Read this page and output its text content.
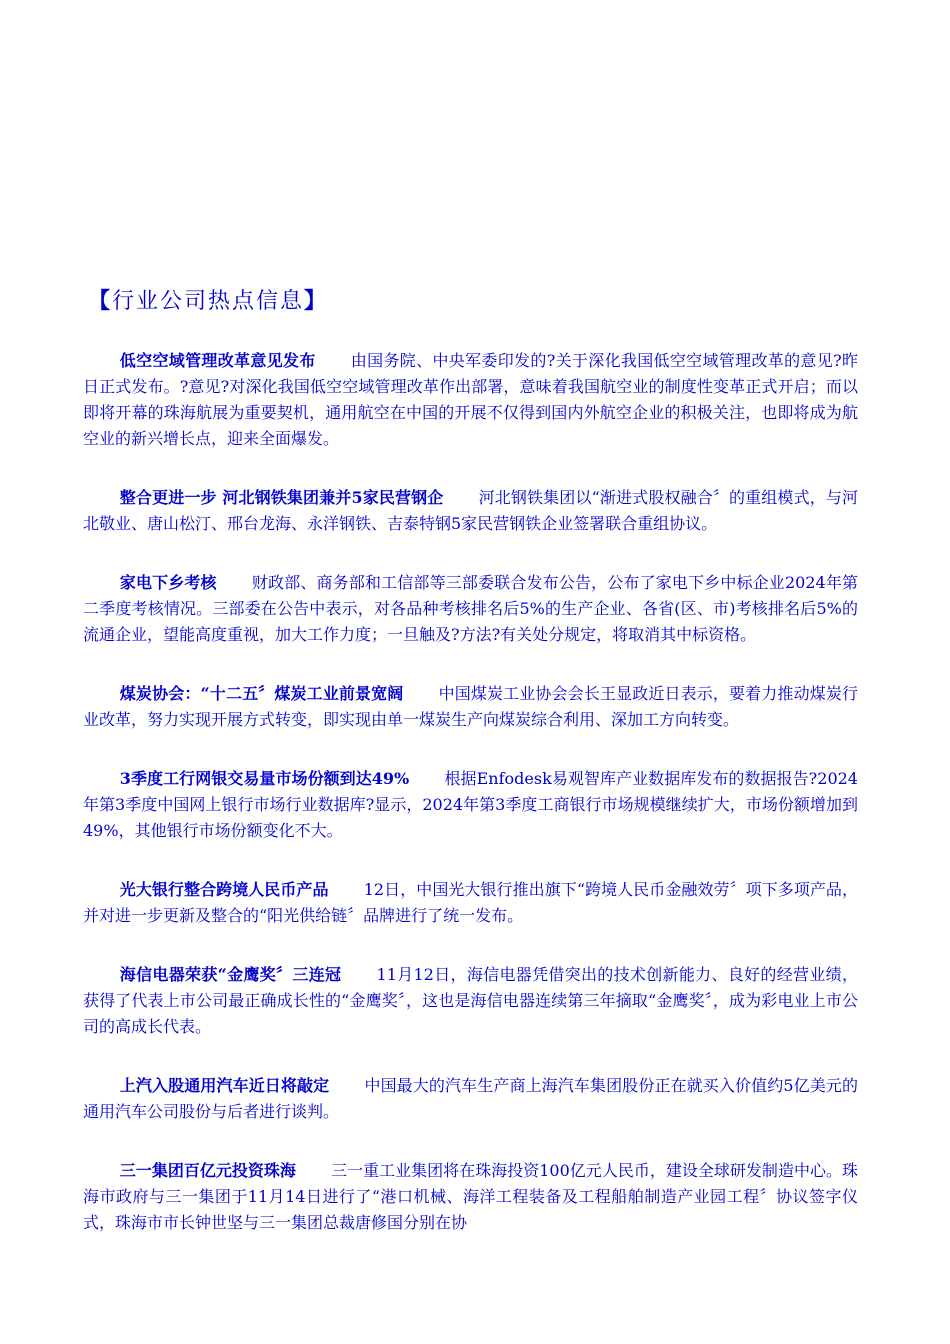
【行业公司热点信息】

低空空域管理改革意见发布 由国务院、中央军委印发的?关于深化我国低空空域管理改革的意见?昨日正式发布。?意见?对深化我国低空空域管理改革作出部署，意味着我国航空业的制度性变革正式开启；而以即将开幕的珠海航展为重要契机，通用航空在中国的开展不仅得到国内外航空企业的积极关注，也即将成为航空业的新兴增长点，迎来全面爆发。

整合更进一步 河北钢铁集团兼并5家民营钢企 河北钢铁集团以“渐进式股权融合〞的重组模式，与河北敬业、唐山松汀、邢台龙海、永洋钢铁、吉泰特钢5家民营钢铁企业签署联合重组协议。

家电下乡考核 财政部、商务部和工信部等三部委联合发布公告，公布了家电下乡中标企业2024年第二季度考核情况。三部委在公告中表示，对各品种考核排名后5%的生产企业、各省(区、市)考核排名后5%的流通企业，望能高度重视，加大工作力度；一旦触及?方法?有关处分规定，将取消其中标资格。

煤炭协会：“十二五〞煤炭工业前景宽阔 中国煤炭工业协会会长王显政近日表示，要着力推动煤炭行业改革，努力实现开展方式转变，即实现由单一煤炭生产向煤炭综合利用、深加工方向转变。

3季度工行网银交易量市场份额到达49% 根据Enfodesk易观智库产业数据库发布的数据报告?2024年第3季度中国网上银行市场行业数据库?显示，2024年第3季度工商银行市场规模继续扩大，市场份额增加到49%，其他银行市场份额变化不大。

光大银行整合跨境人民币产品 12日，中国光大银行推出旗下“跨境人民币金融效劳〞项下多项产品，并对进一步更新及整合的“阳光供给链〞品牌进行了统一发布。

海信电器荣获“金鹰奖〞三连冠 11月12日，海信电器凭借突出的技术创新能力、良好的经营业绩，获得了代表上市公司最正确成长性的“金鹰奖〞，这也是海信电器连续第三年摘取“金鹰奖〞，成为彩电业上市公司的高成长代表。

上汽入股通用汽车近日将敲定 中国最大的汽车生产商上海汽车集团股份正在就买入价值约5亿美元的通用汽车公司股份与后者进行谈判。

三一集团百亿元投资珠海 三一重工业集团将在珠海投资100亿元人民币，建设全球研发制造中心。珠海市政府与三一集团于11月14日进行了“港口机械、海洋工程装备及工程船舶制造产业园工程〞协议签字仪式，珠海市市长钟世坚与三一集团总裁唐修国分别在协
